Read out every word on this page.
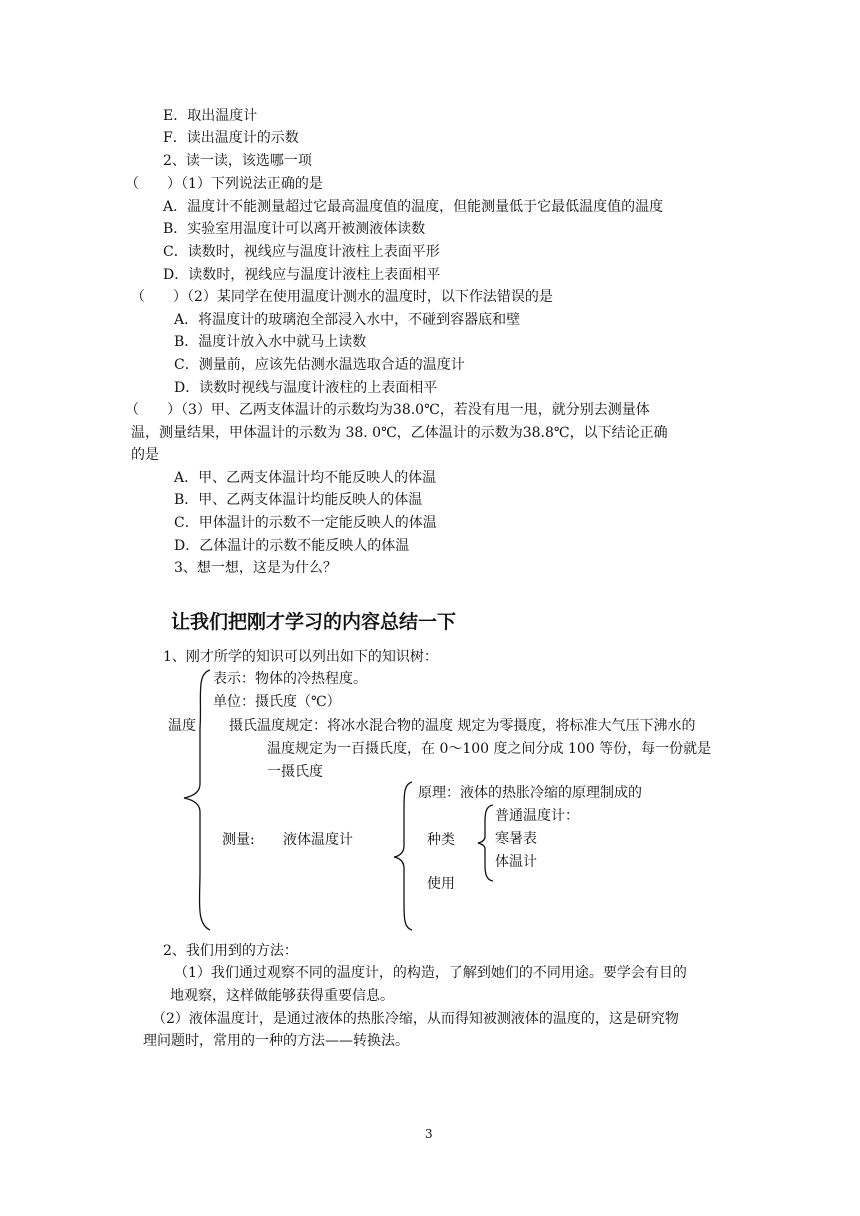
E．取出温度计
F．读出温度计的示数
2、读一读，该选哪一项
（　　）（1）下列说法正确的是
A．温度计不能测量超过它最高温度值的温度，但能测量低于它最低温度值的温度
B．实验室用温度计可以离开被测液体读数
C．读数时，视线应与温度计液柱上表面平形
D．读数时，视线应与温度计液柱上表面相平
（　　）（2）某同学在使用温度计测水的温度时，以下作法错误的是
A．将温度计的玻璃泡全部浸入水中，不碰到容器底和壁
B．温度计放入水中就马上读数
C．测量前，应该先估测水温选取合适的温度计
D．读数时视线与温度计液柱的上表面相平
（　　）（3）甲、乙两支体温计的示数均为38.0℃，若没有甩一甩，就分别去测量体
温，测量结果，甲体温计的示数为 38. 0℃，乙体温计的示数为38.8℃，以下结论正确
的是
A．甲、乙两支体温计均不能反映人的体温
B．甲、乙两支体温计均能反映人的体温
C．甲体温计的示数不一定能反映人的体温
D．乙体温计的示数不能反映人的体温
3、想一想，这是为什么？
让我们把刚才学习的内容总结一下
1、刚才所学的知识可以列出如下的知识树：
温度
表示：物体的冷热程度。
单位：摄氏度（℃）
摄氏温度规定：将冰水混合物的温度 规定为零摄度，将标准大气压下沸水的
温度规定为一百摄氏度，在 0～100 度之间分成 100 等份，每一份就是
一摄氏度
测量: 液体温度计
原理：液体的热胀冷缩的原理制成的
种类
使用
普通温度计：
寒暑表
体温计
2、我们用到的方法：
（1）我们通过观察不同的温度计，的构造，了解到她们的不同用途。要学会有目的
地观察，这样做能够获得重要信息。
（2）液体温度计，是通过液体的热胀冷缩，从而得知被测液体的温度的，这是研究物
理问题时，常用的一种的方法——转换法。
3
